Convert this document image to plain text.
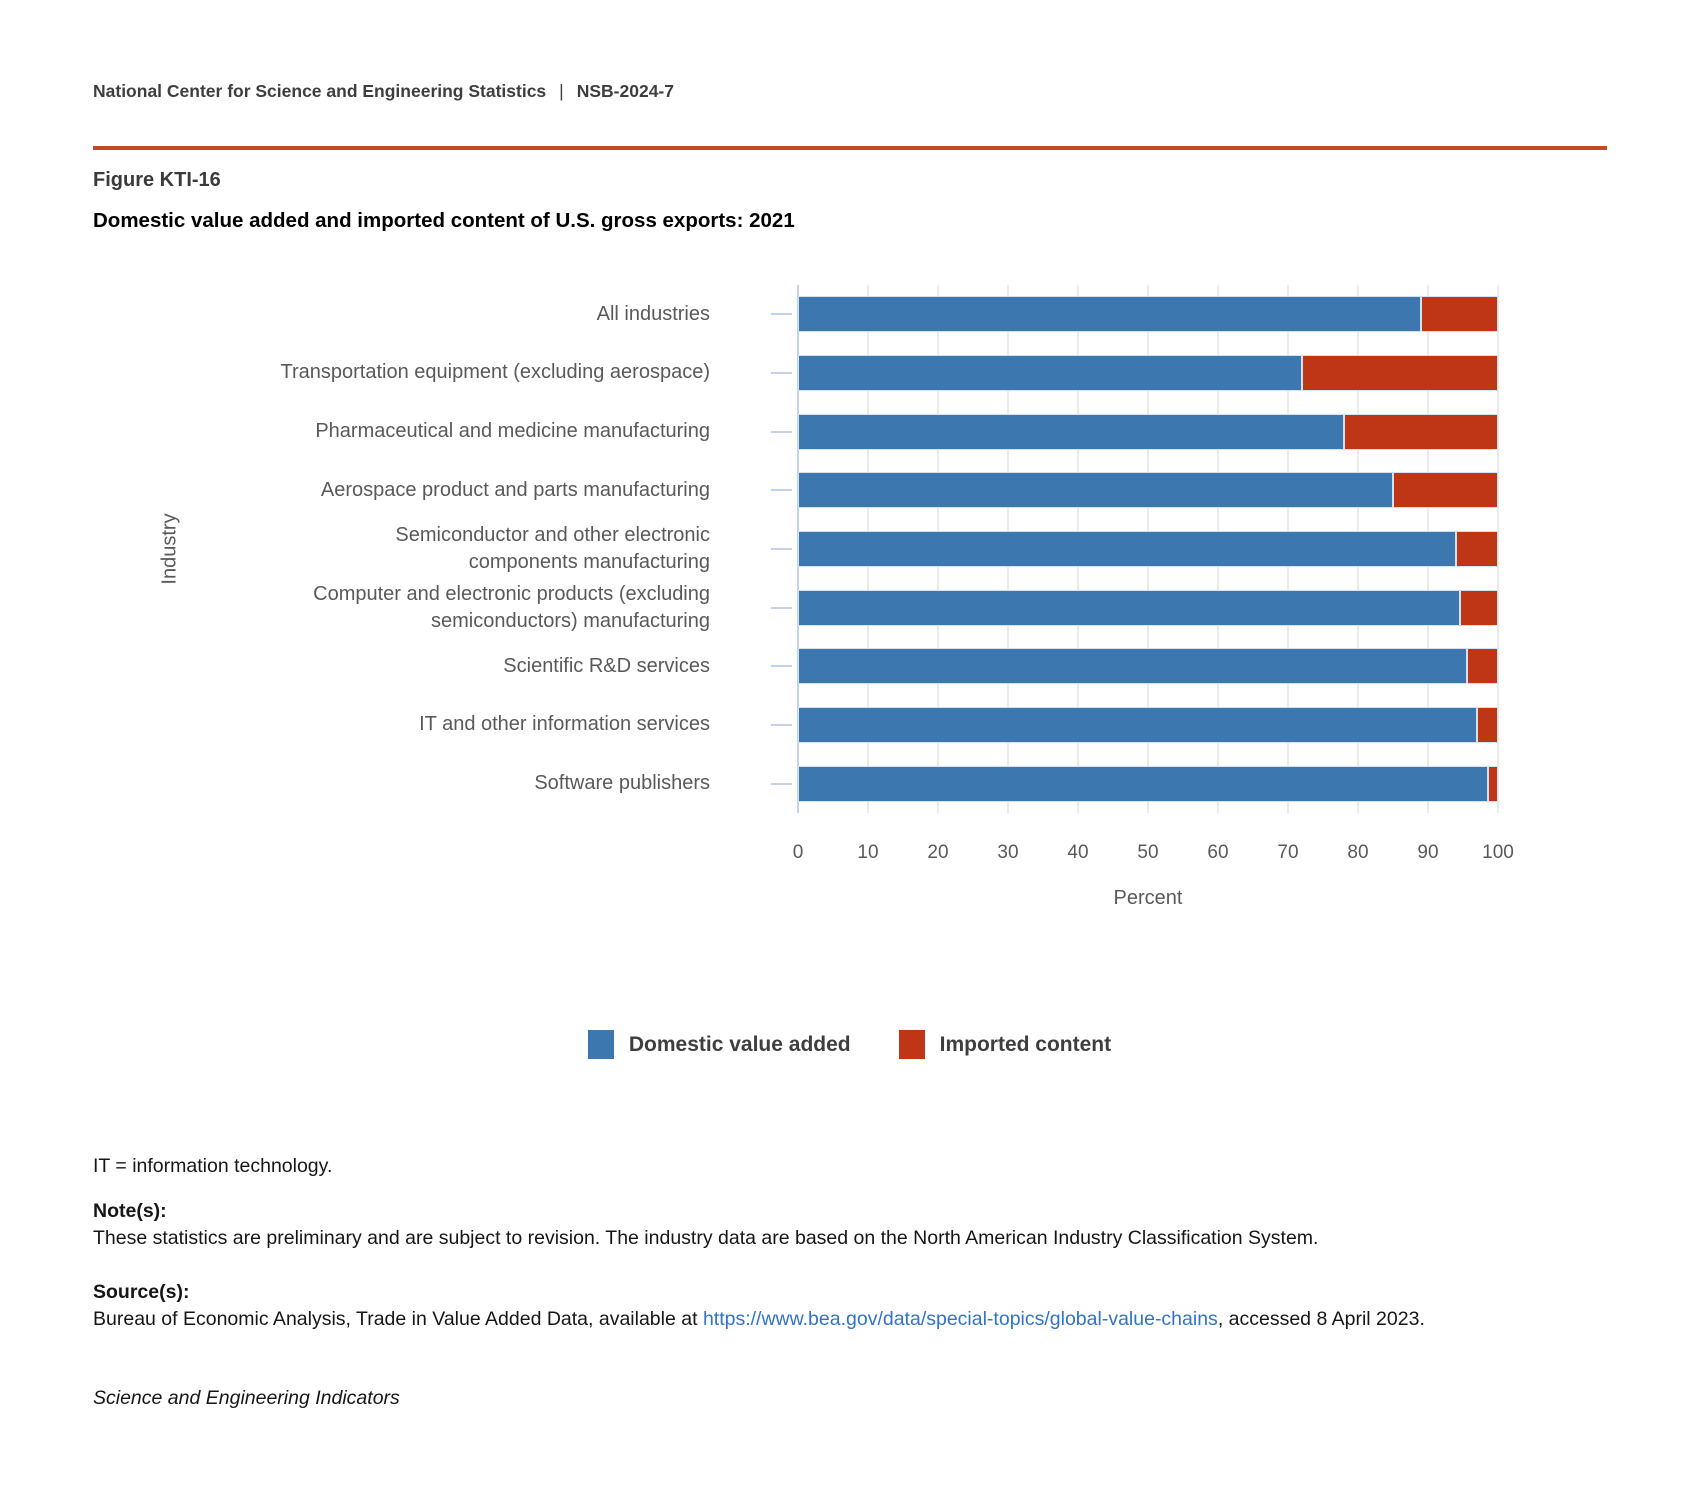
National Center for Science and Engineering Statistics | NSB-2024-7
Figure KTI-16
Domestic value added and imported content of U.S. gross exports: 2021
Percent
Industry
Domestic value added	Imported content
IT = information technology.
Note(s):
These statistics are preliminary and are subject to revision. The industry data are based on the North American Industry Classification System.
Source(s):
Bureau of Economic Analysis, Trade in Value Added Data, available at https://www.bea.gov/data/special-topics/global-value-chains, accessed 8 April 2023.
Science and Engineering Indicators
0	10	20	30	40	50	60	70	80	90 100
All industries
Transportation equipment (excluding aerospace)
Pharmaceutical and medicine manufacturing
Aerospace product and parts manufacturing
Semiconductor and other electronic
components manufacturing
Computer and electronic products (excluding
semiconductors) manufacturing
Scientific R&D services
IT and other information services
Software publishers
